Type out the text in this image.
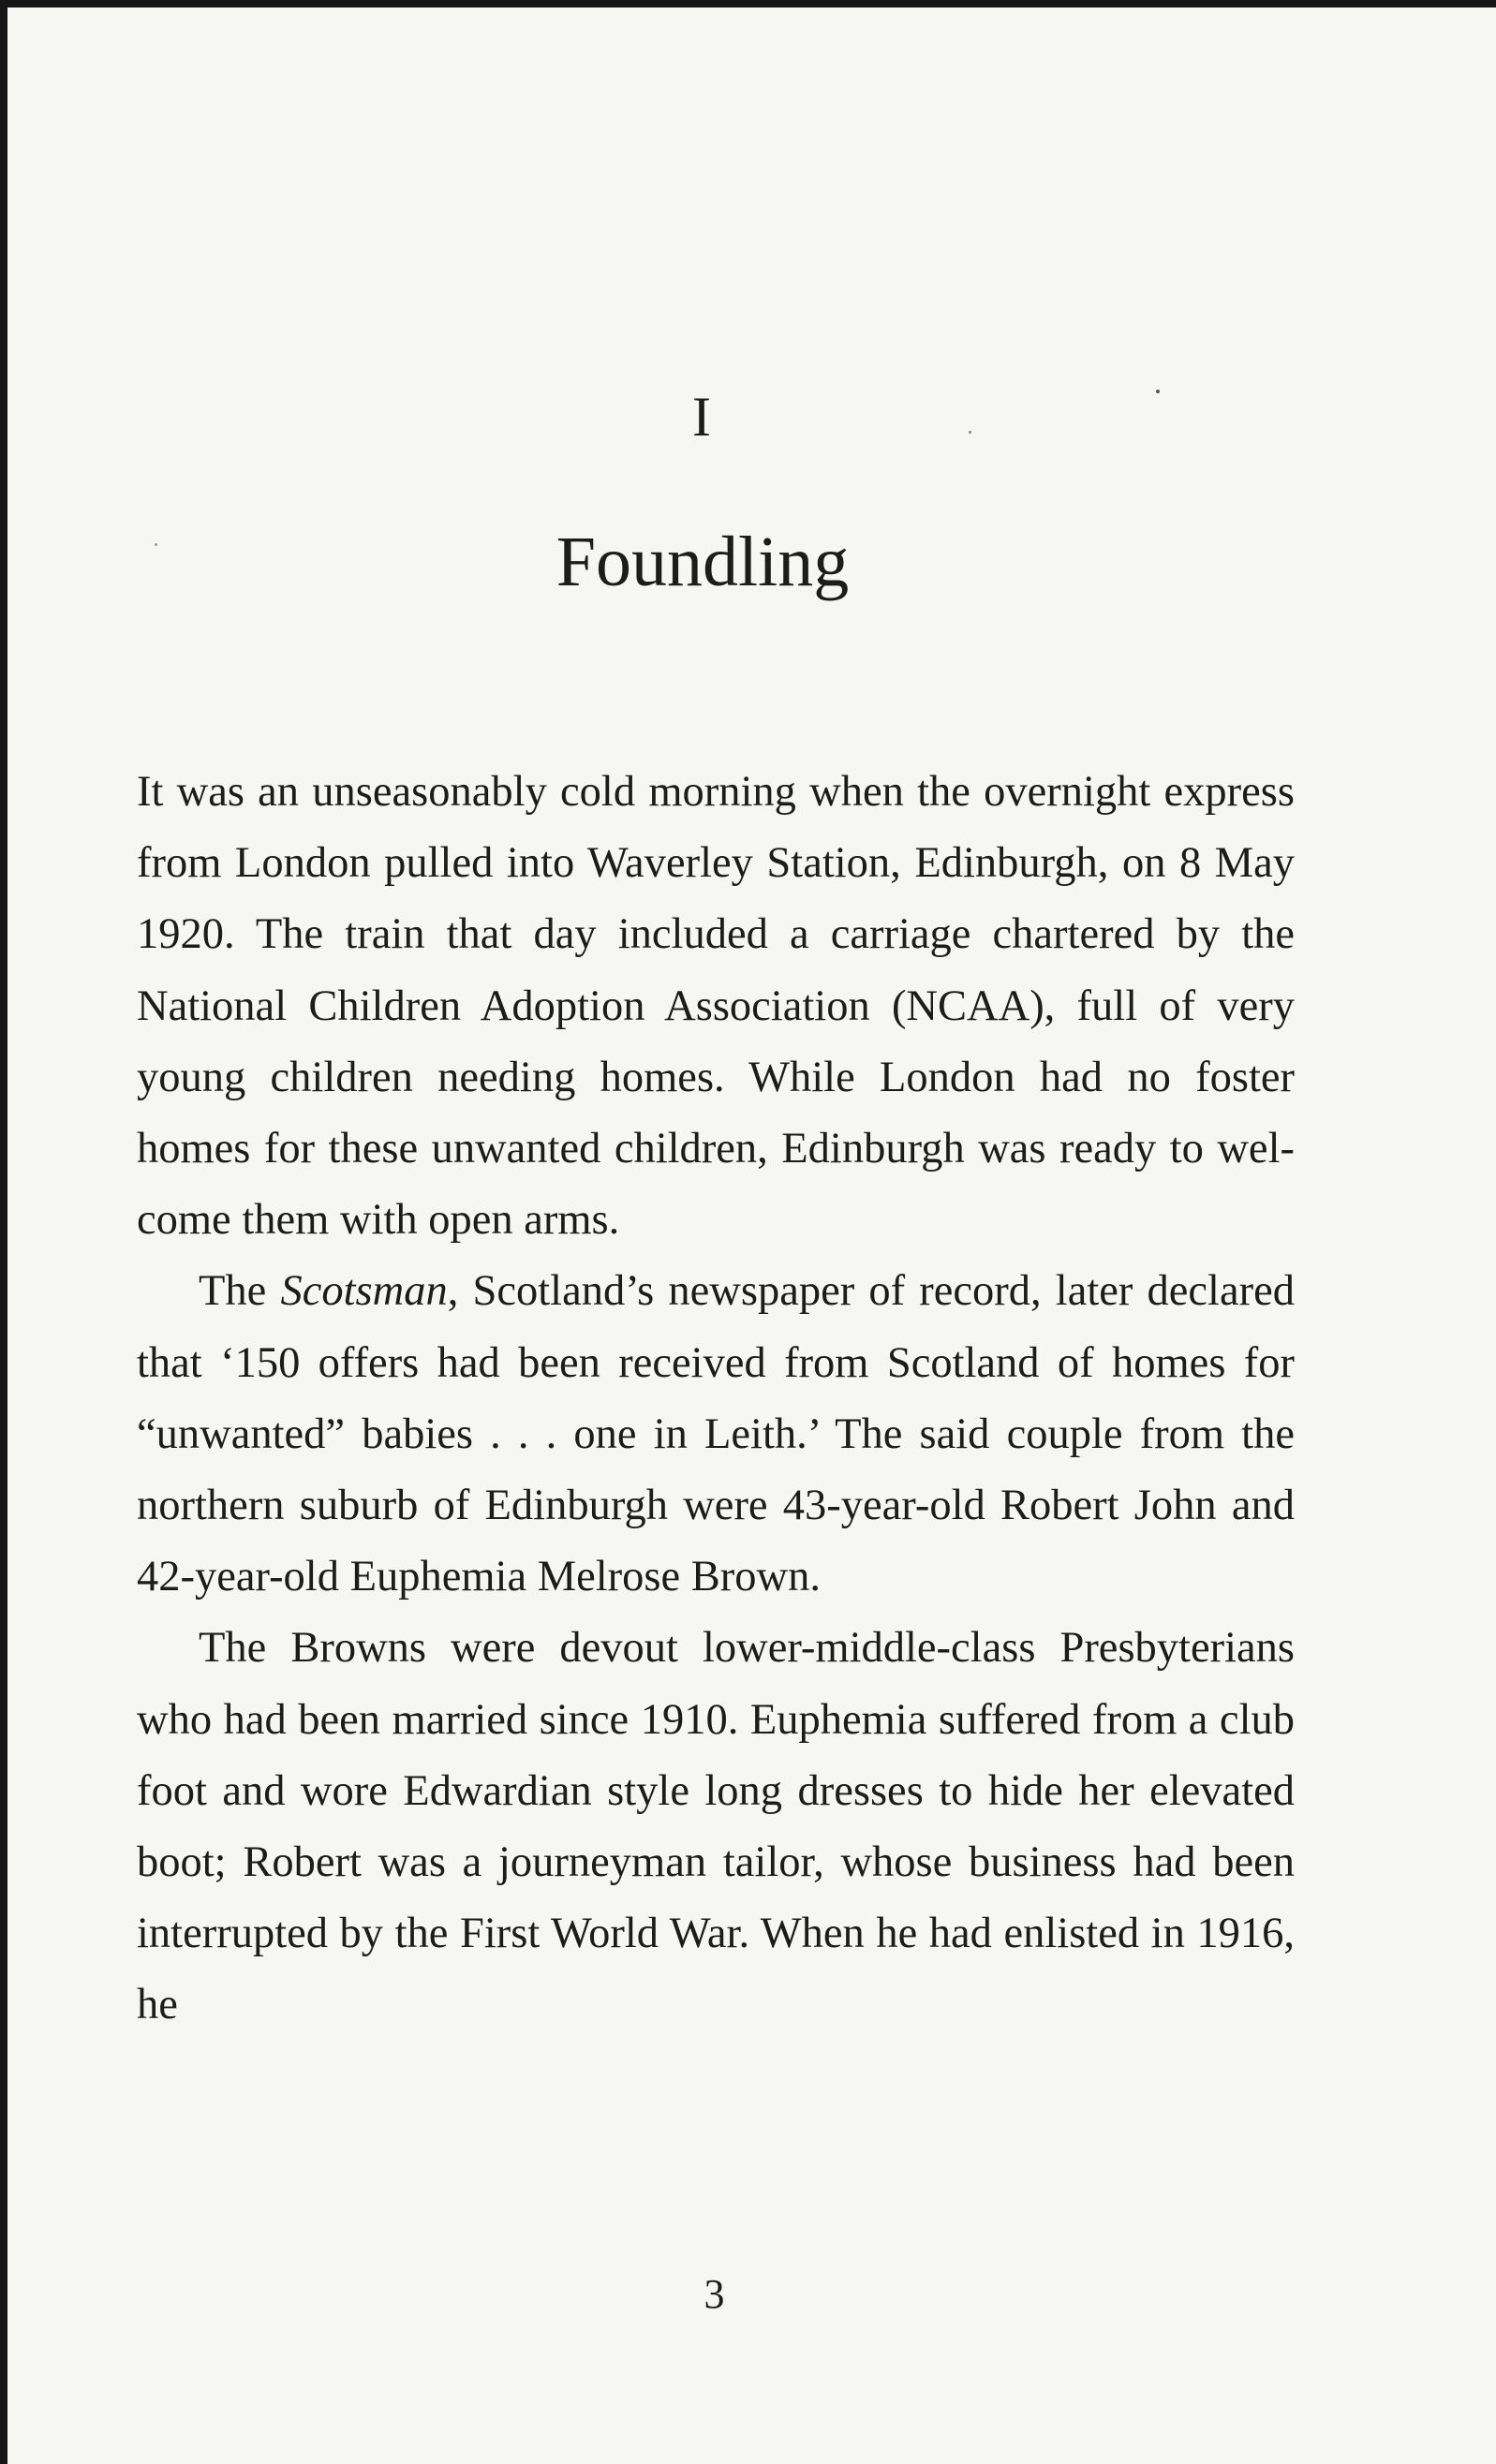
I
Foundling

It was an unseasonably cold morning when the overnight express from London pulled into Waverley Station, Edinburgh, on 8 May 1920. The train that day included a carriage chartered by the National Children Adoption Association (NCAA), full of very young children needing homes. While London had no foster homes for these unwanted children, Edinburgh was ready to welcome them with open arms.

The Scotsman, Scotland’s newspaper of record, later declared that ‘150 offers had been received from Scotland of homes for “unwanted” babies . . . one in Leith.’ The said couple from the northern suburb of Edinburgh were 43-year-old Robert John and 42-year-old Euphemia Melrose Brown.

The Browns were devout lower-middle-class Presbyterians who had been married since 1910. Euphemia suffered from a club foot and wore Edwardian style long dresses to hide her elevated boot; Robert was a journeyman tailor, whose business had been interrupted by the First World War. When he had enlisted in 1916, he

3
